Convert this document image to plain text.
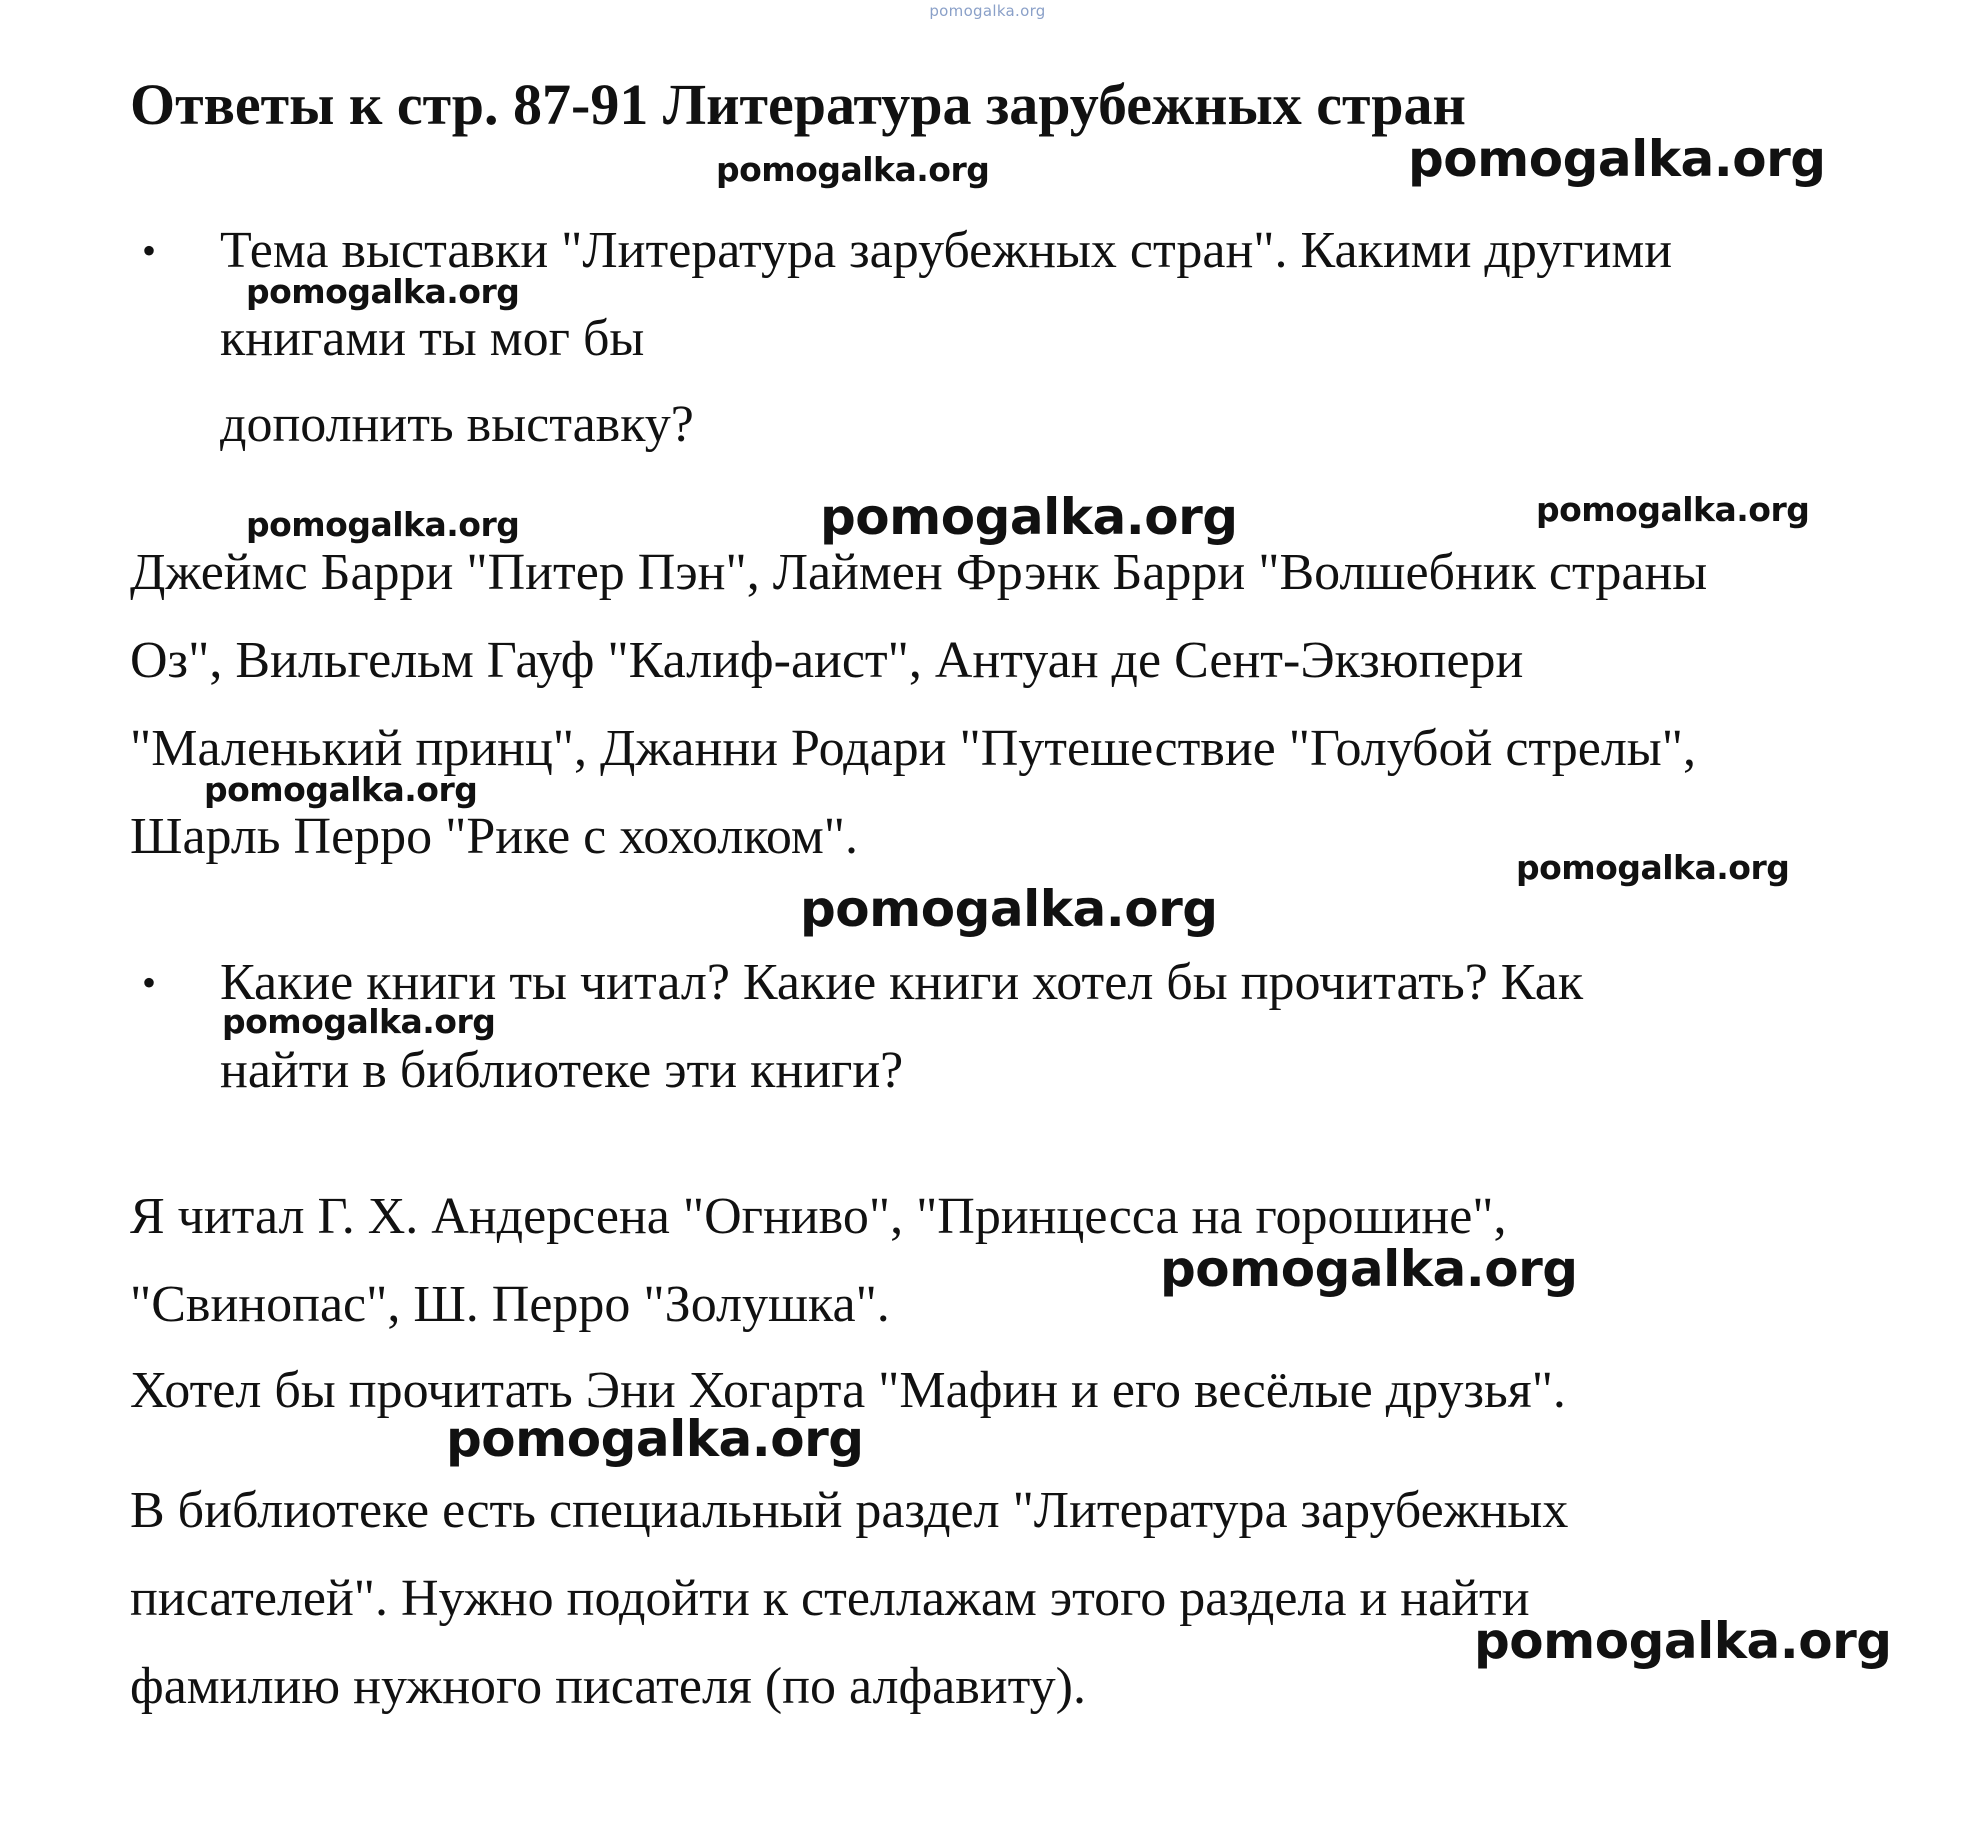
pomogalka.org
Ответы к стр. 87-91 Литература зарубежных стран
• Тема выставки "Литература зарубежных стран". Какими другими

книгами ты мог бы

дополнить выставку?

Джеймс Барри "Питер Пэн", Лаймен Фрэнк Барри "Волшебник страны

Оз", Вильгельм Гауф "Калиф-аист", Антуан де Сент-Экзюпери

"Маленький принц", Джанни Родари "Путешествие "Голубой стрелы",

Шарль Перро "Рике с хохолком".

• Какие книги ты читал? Какие книги хотел бы прочитать? Как

найти в библиотеке эти книги?

Я читал Г. Х. Андерсена "Огниво", "Принцесса на горошине",

"Свинопас", Ш. Перро "Золушка".

Хотел бы прочитать Эни Хогарта "Мафин и его весёлые друзья".

В библиотеке есть специальный раздел "Литература зарубежных

писателей". Нужно подойти к стеллажам этого раздела и найти

фамилию нужного писателя (по алфавиту).

pomogalka.org	pomogalka.org
pomogalka.org
pomogalka.org	pomogalka.org	pomogalka.org
pomogalka.org
pomogalka.org
pomogalka.org
pomogalka.org
pomogalka.org
pomogalka.org
pomogalka.org
